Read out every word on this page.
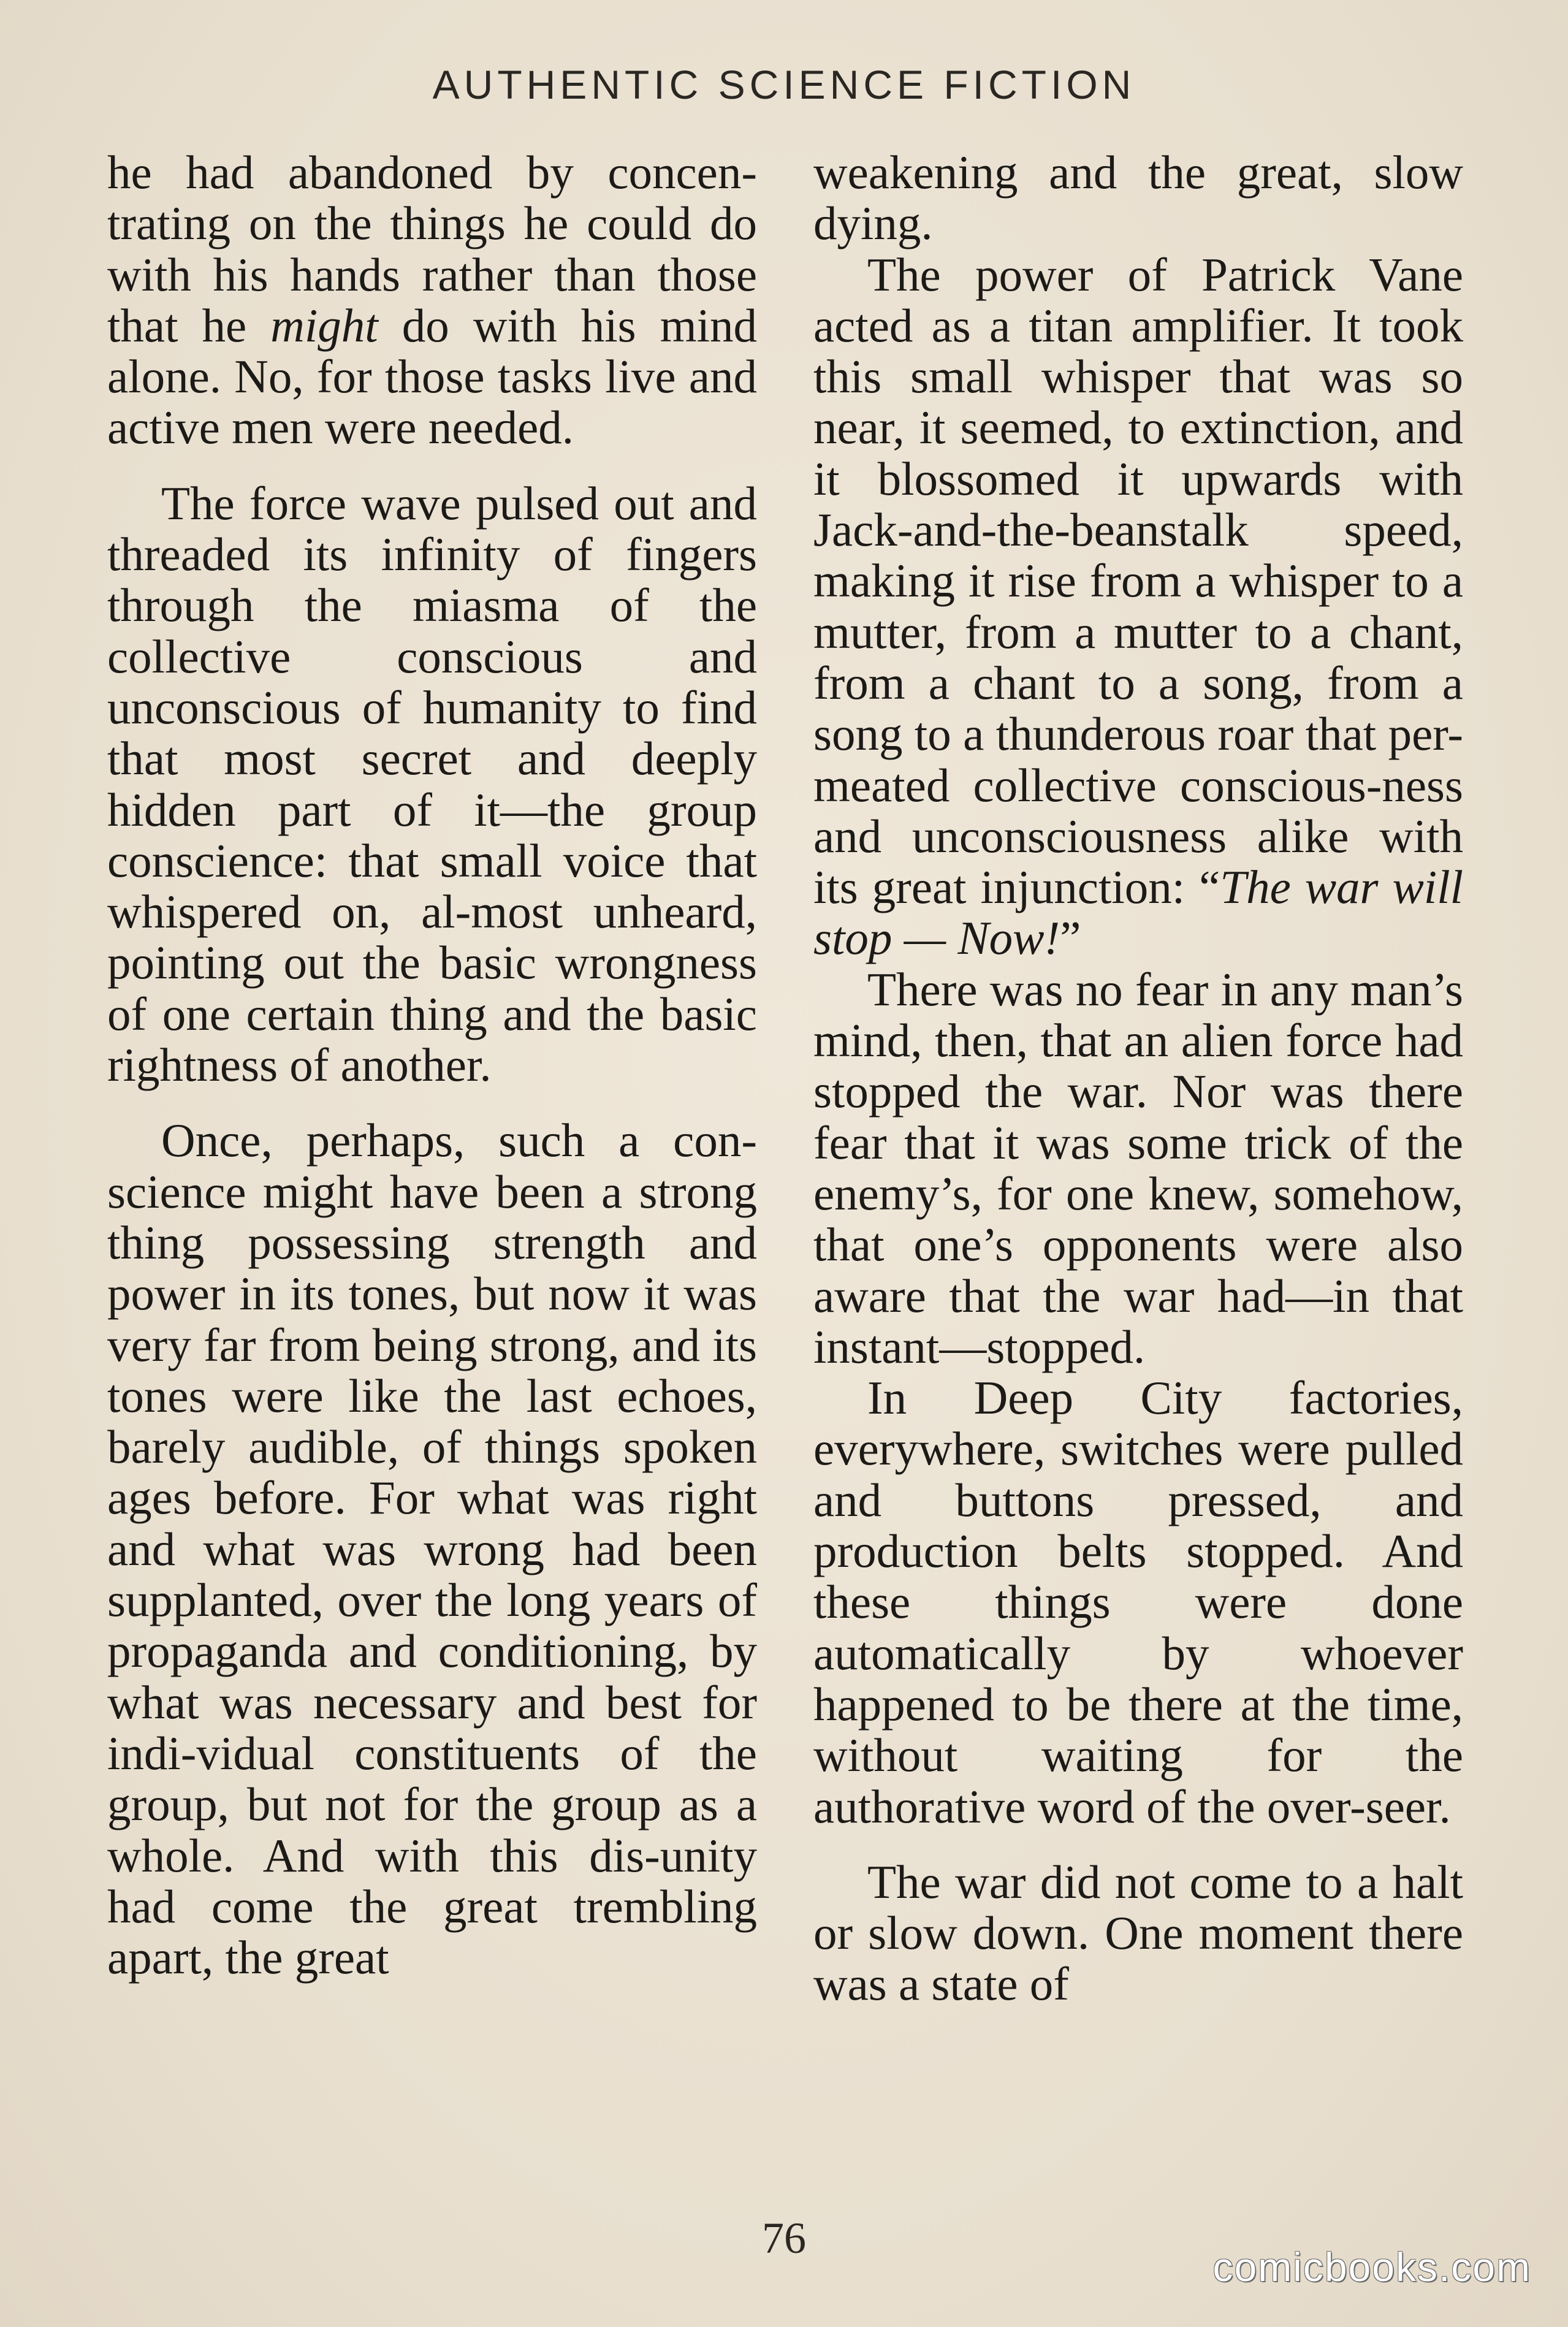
AUTHENTIC SCIENCE FICTION

he had abandoned by concen-trating on the things he could do with his hands rather than those that he might do with his mind alone. No, for those tasks live and active men were needed.

The force wave pulsed out and threaded its infinity of fingers through the miasma of the collective conscious and unconscious of humanity to find that most secret and deeply hidden part of it—the group conscience: that small voice that whispered on, al-most unheard, pointing out the basic wrongness of one certain thing and the basic rightness of another.

Once, perhaps, such a con-science might have been a strong thing possessing strength and power in its tones, but now it was very far from being strong, and its tones were like the last echoes, barely audible, of things spoken ages before. For what was right and what was wrong had been supplanted, over the long years of propaganda and conditioning, by what was necessary and best for indi-vidual constituents of the group, but not for the group as a whole. And with this dis-unity had come the great trembling apart, the great

weakening and the great, slow dying.

The power of Patrick Vane acted as a titan amplifier. It took this small whisper that was so near, it seemed, to extinction, and it blossomed it upwards with Jack-and-the-beanstalk speed, making it rise from a whisper to a mutter, from a mutter to a chant, from a chant to a song, from a song to a thunderous roar that per-meated collective conscious-ness and unconsciousness alike with its great injunction: “The war will stop — Now!”

There was no fear in any man’s mind, then, that an alien force had stopped the war. Nor was there fear that it was some trick of the enemy’s, for one knew, somehow, that one’s opponents were also aware that the war had—in that instant—stopped.

In Deep City factories, everywhere, switches were pulled and buttons pressed, and production belts stopped. And these things were done automatically by whoever happened to be there at the time, without waiting for the authorative word of the over-seer.

The war did not come to a halt or slow down. One moment there was a state of

76
comicbooks.com
